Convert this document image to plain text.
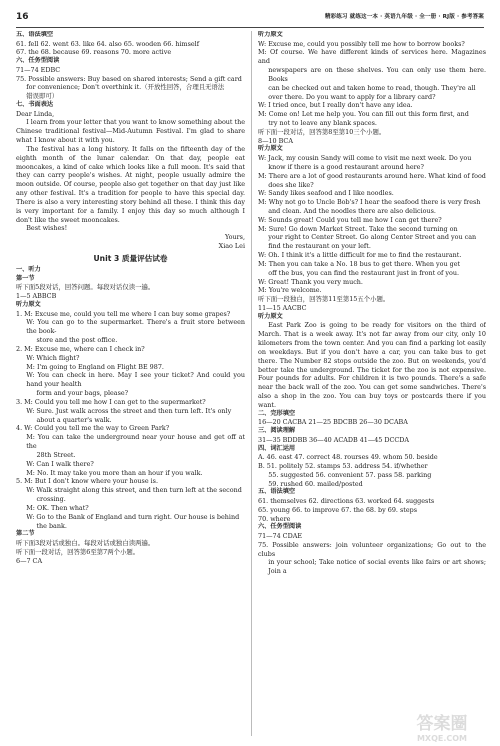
16	精彩练习 就练这一本 · 英语九年级 · 全一册 · RJ版 · 参考答案

五、语法填空

61. fell 62. went 63. like 64. also 65. wooden 66. himself

67. the 68. because 69. reasons 70. more active

六、任务型阅读

71—74 EDBC

75. Possible answers: Buy based on shared interests; Send a gift card

for convenience; Don't overthink it.（开放性回答，合理且无语法

错误即可）

七、书面表达

Dear Linda,

I learn from your letter that you want to know something about the Chinese traditional festival—Mid-Autumn Festival. I'm glad to share what I know about it with you.
The festival has a long history. It falls on the fifteenth day of the eighth month of the lunar calendar. On that day, people eat mooncakes, a kind of cake which looks like a full moon. It's said that they can carry people's wishes. At night, people usually admire the moon outside. Of course, people also get together on that day just like any other festival. It's a tradition for people to have this special day. There is also a very interesting story behind all these. I think this day is very important for a family. I enjoy this day so much although I don't like the sweet mooncakes.
Best wishes!

Yours,

Xiao Lei

Unit 3 质量评估试卷

一、听力

第一节

听下面5段对话，回答问题。每段对话仅读一遍。

1—5 ABBCB

听力原文

1. M: Excuse me, could you tell me where I can buy some grapes?

W: You can go to the supermarket. There's a fruit store between the book-

store and the post office.

2. M: Excuse me, where can I check in?

W: Which flight?

M: I'm going to England on Flight BE 987.

W: You can check in here. May I see your ticket? And could you hand your health

form and your bags, please?

3. M: Could you tell me how I can get to the supermarket?

W: Sure. Just walk across the street and then turn left. It's only

about a quarter's walk.

4. W: Could you tell me the way to Green Park?

M: You can take the underground near your house and get off at the

28th Street.

W: Can I walk there?

M: No. It may take you more than an hour if you walk.

5. M: But I don't know where your house is.

W: Walk straight along this street, and then turn left at the second

crossing.

M: OK. Then what?

W: Go to the Bank of England and turn right. Our house is behind

the bank.

第二节

听下面3段对话或独白。每段对话或独白读两遍。

听下面一段对话，回答第6至第7两个小题。

6—7 CA

听力原文

W: Excuse me, could you possibly tell me how to borrow books?

M: Of course. We have different kinds of services here. Magazines and

newspapers are on these shelves. You can only use them here. Books

can be checked out and taken home to read, though. They're all

over there. Do you want to apply for a library card?

W: I tried once, but I really don't have any idea.

M: Come on! Let me help you. You can fill out this form first, and

try not to leave any blank spaces.

听下面一段对话，回答第8至第10三个小题。

8—10 BCA

听力原文

W: Jack, my cousin Sandy will come to visit me next week. Do you

know if there is a good restaurant around here?

M: There are a lot of good restaurants around here. What kind of food

does she like?

W: Sandy likes seafood and I like noodles.

M: Why not go to Uncle Bob's? I hear the seafood there is very fresh

and clean. And the noodles there are also delicious.

W: Sounds great! Could you tell me how I can get there?

M: Sure! Go down Market Street. Take the second turning on

your right to Center Street. Go along Center Street and you can

find the restaurant on your left.

W: Oh. I think it's a little difficult for me to find the restaurant.

M: Then you can take a No. 18 bus to get there. When you get

off the bus, you can find the restaurant just in front of you.

W: Great! Thank you very much.

M: You're welcome.

听下面一段独白，回答第11至第15五个小题。

11—15 AACBC

听力原文

East Park Zoo is going to be ready for visitors on the third of March. That is a week away. It's not far away from our city, only 10 kilometers from the town center. And you can find a parking lot easily on weekdays. But if you don't have a car, you can take bus to get there. The Number 82 stops outside the zoo. But on weekends, you'd better take the underground. The ticket for the zoo is not expensive. Four pounds for adults. For children it is two pounds. There's a safe near the back wall of the zoo. You can get some sandwiches. There's also a shop in the zoo. You can buy toys or postcards there if you want.

二、完形填空

16—20 CACBA 21—25 BDCBB 26—30 DCABA

三、阅读理解

31—35 BDDBB 36—40 ACADB 41—45 DCCDA

四、词汇运用

A. 46. east 47. correct 48. rourses 49. whom 50. beside

B. 51. politely 52. stamps 53. address 54. if/whether

55. suggested 56. convenient 57. pass 58. parking

59. rushed 60. mailed/posted

五、语法填空

61. themselves 62. directions 63. worked 64. suggests

65. young 66. to improve 67. the 68. by 69. steps

70. where

六、任务型阅读

71—74 CDAE

75. Possible answers: join volunteer organizations; Go out to the clubs

in your school; Take notice of social events like fairs or art shows; Join a

答案圈
MXQE.COM
